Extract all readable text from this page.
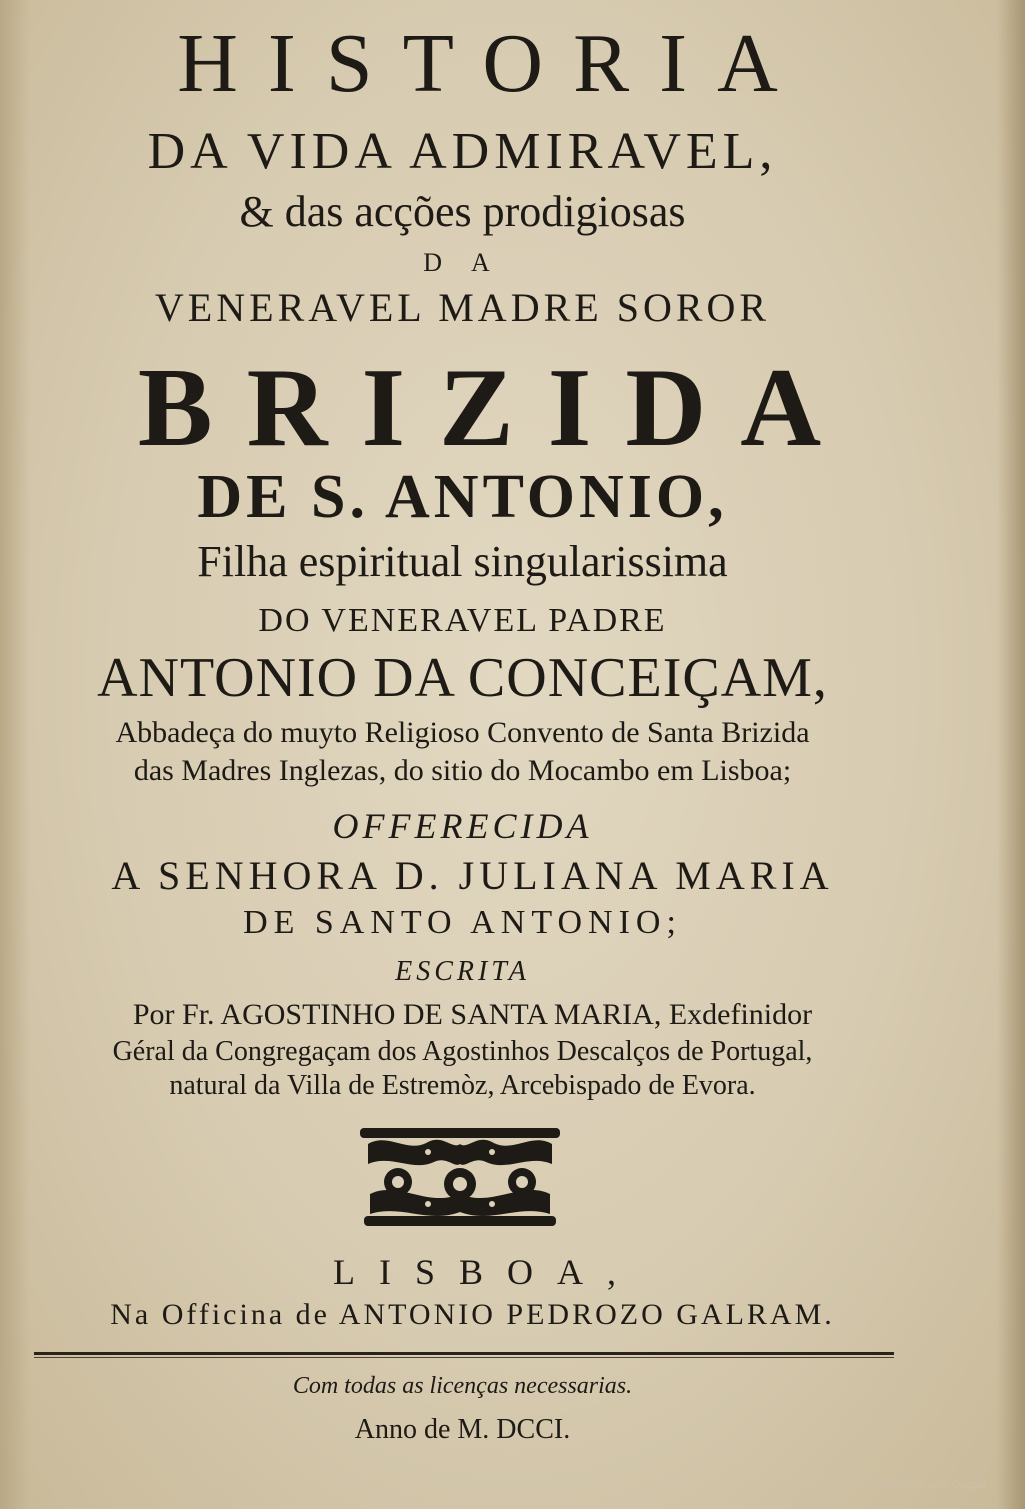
HISTORIA
DA VIDA ADMIRAVEL,
& das acções prodigiosas
D A
VENERAVEL MADRE SOROR
BRIZIDA
DE S. ANTONIO,
Filha espiritual singularissima
DO VENERAVEL PADRE
ANTONIO DA CONCEIÇAM,
Abbadeça do muyto Religioso Convento de Santa Brizida
das Madres Inglezas, do sitio do Mocambo em Lisboa;
OFFERECIDA
A SENHORA D. JULIANA MARIA
DE SANTO ANTONIO;
ESCRITA
Por Fr. AGOSTINHO DE SANTA MARIA, Exdefinidor
Géral da Congregaçam dos Agostinhos Descalços de Portugal,
natural da Villa de Estremòz, Arcebispado de Evora.
LISBOA,
Na Officina de ANTONIO PEDROZO GALRAM.
Com todas as licenças necessarias.
Anno de M. DCCI.
Digitalizado pela Google
